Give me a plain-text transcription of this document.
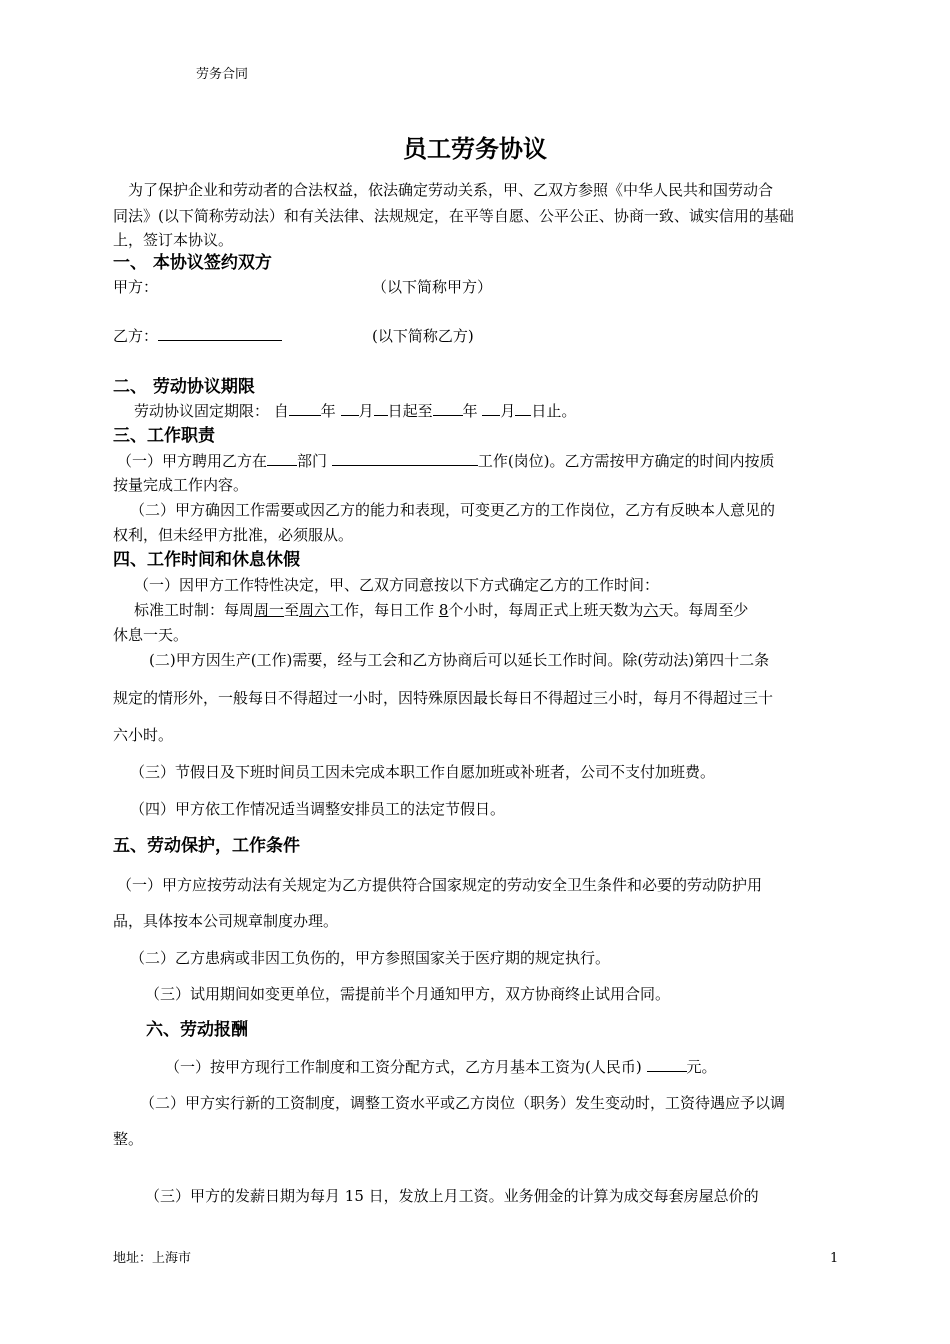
劳务合同
员工劳务协议
为了保护企业和劳动者的合法权益，依法确定劳动关系，甲、乙双方参照《中华人民共和国劳动合
同法》(以下简称劳动法）和有关法律、法规规定，在平等自愿、公平公正、协商一致、诚实信用的基础
上，签订本协议。
一、 本协议签约双方
甲方：	（以下简称甲方）
乙方：	(以下简称乙方)
二、 劳动协议期限
劳动协议固定期限： 自 年 月 日起至 年 月 日止。
三、工作职责
（一）甲方聘用乙方在 部门	工作(岗位)。乙方需按甲方确定的时间内按质
按量完成工作内容。
（二）甲方确因工作需要或因乙方的能力和表现，可变更乙方的工作岗位，乙方有反映本人意见的
权利，但未经甲方批准，必须服从。
四、工作时间和休息休假
（一）因甲方工作特性决定，甲、乙双方同意按以下方式确定乙方的工作时间：
标准工时制：每周周一至周六工作，每日工作 8个小时，每周正式上班天数为六天。每周至少
休息一天。
(二)甲方因生产(工作)需要，经与工会和乙方协商后可以延长工作时间。除(劳动法)第四十二条
规定的情形外，一般每日不得超过一小时，因特殊原因最长每日不得超过三小时，每月不得超过三十
六小时。
（三）节假日及下班时间员工因未完成本职工作自愿加班或补班者，公司不支付加班费。
（四）甲方依工作情况适当调整安排员工的法定节假日。
五、劳动保护，工作条件
（一）甲方应按劳动法有关规定为乙方提供符合国家规定的劳动安全卫生条件和必要的劳动防护用
品，具体按本公司规章制度办理。
（二）乙方患病或非因工负伤的，甲方参照国家关于医疗期的规定执行。
（三）试用期间如变更单位，需提前半个月通知甲方，双方协商终止试用合同。
六、劳动报酬
（一）按甲方现行工作制度和工资分配方式，乙方月基本工资为(人民币)	元。
（二）甲方实行新的工资制度，调整工资水平或乙方岗位（职务）发生变动时，工资待遇应予以调
整。
（三）甲方的发薪日期为每月 15 日，发放上月工资。业务佣金的计算为成交每套房屋总价的
地址：上海市	1
